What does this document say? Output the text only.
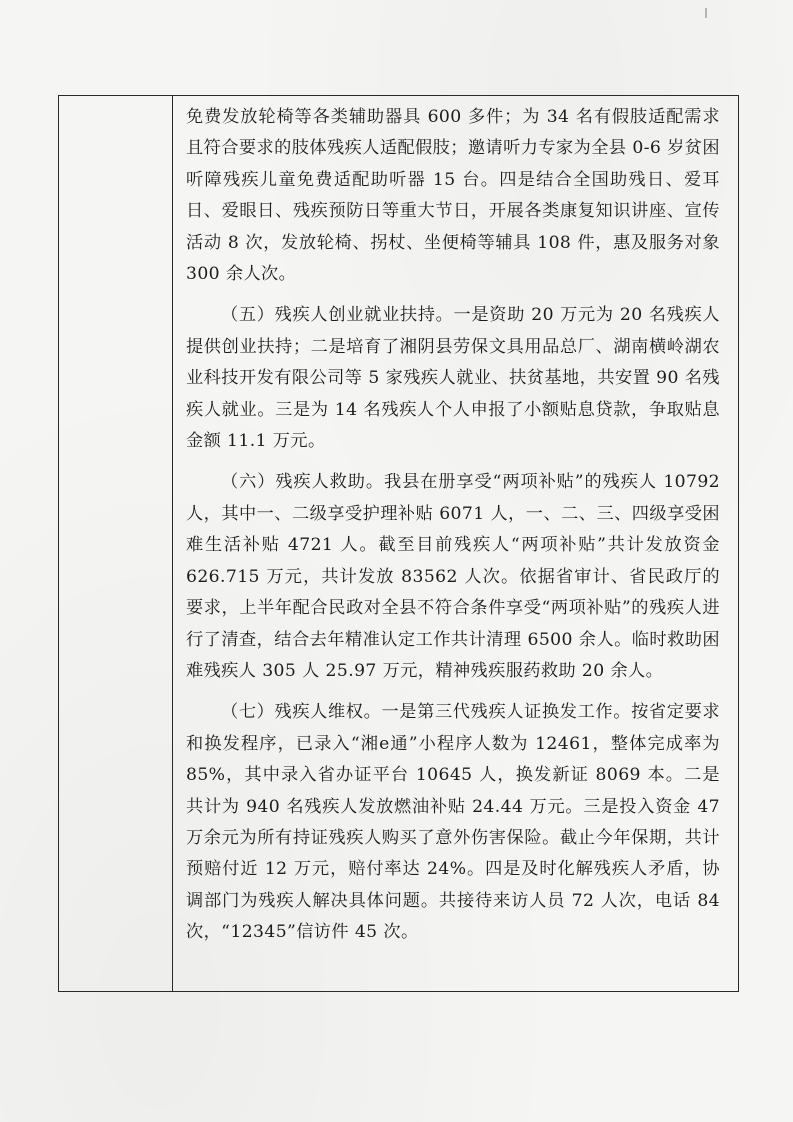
免费发放轮椅等各类辅助器具 600 多件；为 34 名有假肢适配需求且符合要求的肢体残疾人适配假肢；邀请听力专家为全县 0-6 岁贫困听障残疾儿童免费适配助听器 15 台。四是结合全国助残日、爱耳日、爱眼日、残疾预防日等重大节日，开展各类康复知识讲座、宣传活动 8 次，发放轮椅、拐杖、坐便椅等辅具 108 件，惠及服务对象 300 余人次。

（五）残疾人创业就业扶持。一是资助 20 万元为 20 名残疾人提供创业扶持；二是培育了湘阴县劳保文具用品总厂、湖南横岭湖农业科技开发有限公司等 5 家残疾人就业、扶贫基地，共安置 90 名残疾人就业。三是为 14 名残疾人个人申报了小额贴息贷款，争取贴息金额 11.1 万元。

（六）残疾人救助。我县在册享受“两项补贴”的残疾人 10792 人，其中一、二级享受护理补贴 6071 人，一、二、三、四级享受困难生活补贴 4721 人。截至目前残疾人“两项补贴”共计发放资金 626.715 万元，共计发放 83562 人次。依据省审计、省民政厅的要求，上半年配合民政对全县不符合条件享受“两项补贴”的残疾人进行了清查，结合去年精准认定工作共计清理 6500 余人。临时救助困难残疾人 305 人 25.97 万元，精神残疾服药救助 20 余人。

（七）残疾人维权。一是第三代残疾人证换发工作。按省定要求和换发程序，已录入“湘e通”小程序人数为 12461，整体完成率为 85%，其中录入省办证平台 10645 人，换发新证 8069 本。二是共计为 940 名残疾人发放燃油补贴 24.44 万元。三是投入资金 47 万余元为所有持证残疾人购买了意外伤害保险。截止今年保期，共计预赔付近 12 万元，赔付率达 24%。四是及时化解残疾人矛盾，协调部门为残疾人解决具体问题。共接待来访人员 72 人次，电话 84 次，“12345”信访件 45 次。
